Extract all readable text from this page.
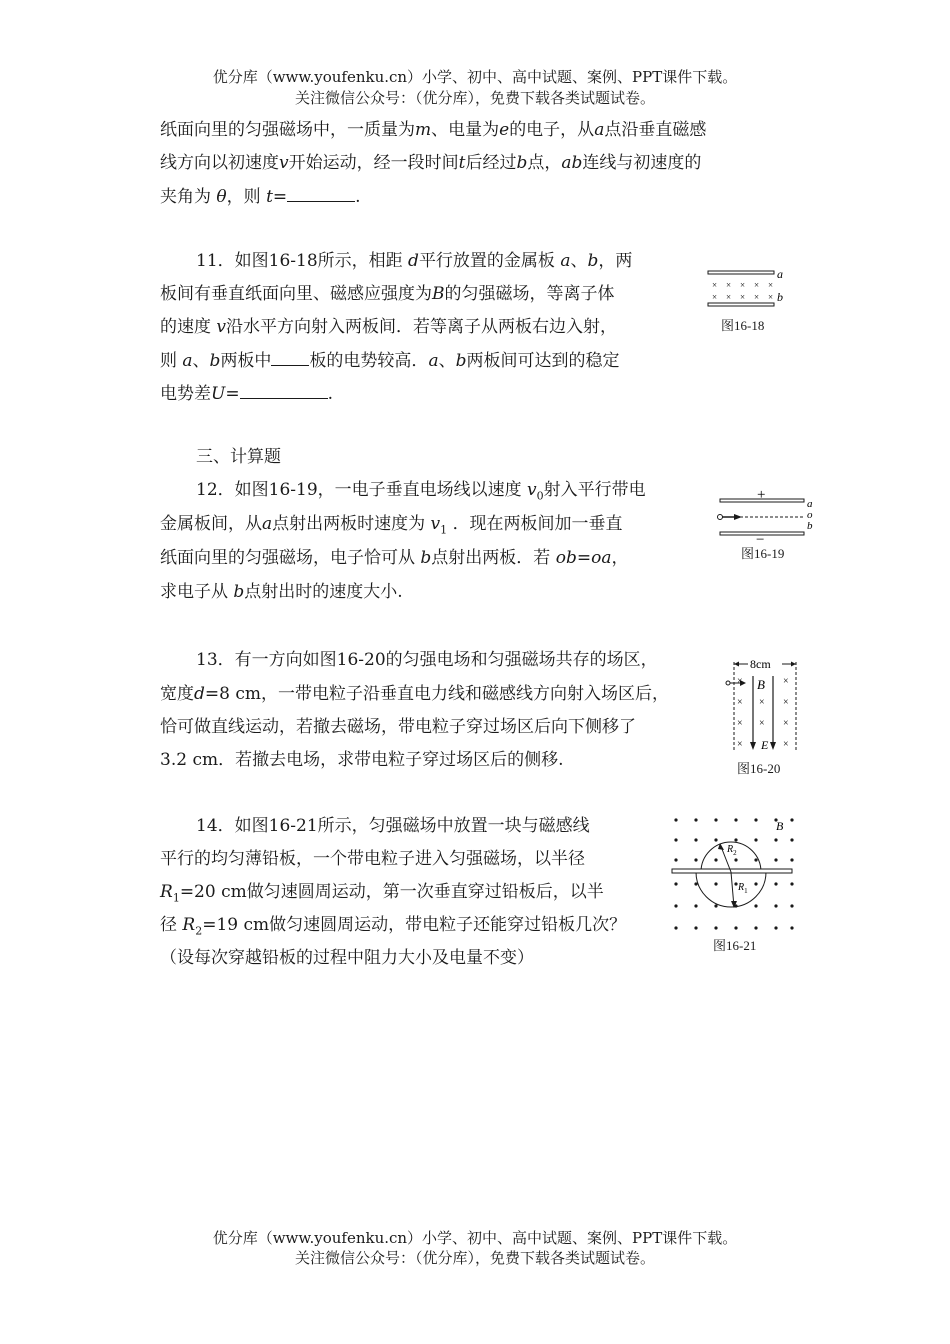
优分库（www.youfenku.cn）小学、初中、高中试题、案例、PPT课件下载。
关注微信公众号：（优分库），免费下载各类试题试卷。
纸面向里的匀强磁场中，一质量为m、电量为e的电子，从a点沿垂直磁感
线方向以初速度v开始运动，经一段时间t后经过b点，ab连线与初速度的
夹角为 θ，则 t=	.
11．如图16-18所示，相距 d平行放置的金属板 a、b，两
板间有垂直纸面向里、磁感应强度为B的匀强磁场，等离子体
的速度 v沿水平方向射入两板间．若等离子从两板右边入射，
则 a、b两板中 板的电势较高．a、b两板间可达到的稳定
电势差U=	.
a
b
× × × × ×
× × × × ×
图16-18
三、计算题
12．如图16-19，一电子垂直电场线以速度 $v_0$射入平行带电
金属板间，从a点射出两板时速度为 $v_1$ ．现在两板间加一垂直
纸面向里的匀强磁场，电子恰可从 b点射出两板．若 ob=oa，
求电子从 b点射出时的速度大小.
+
−
a
o
b
图16-19
13．有一方向如图16-20的匀强电场和匀强磁场共存的场区，
宽度d=8 cm，一带电粒子沿垂直电力线和磁感线方向射入场区后，
恰可做直线运动，若撤去磁场，带电粒子穿过场区后向下侧移了
3.2 cm．若撤去电场，求带电粒子穿过场区后的侧移.
8cm
B
E
×	×
× × ×
× × ×
×	×
图16-20
14．如图16-21所示，匀强磁场中放置一块与磁感线
平行的均匀薄铅板，一个带电粒子进入匀强磁场，以半径
$R_1=20$ cm做匀速圆周运动，第一次垂直穿过铅板后，以半
径 $R_2=19$ cm做匀速圆周运动，带电粒子还能穿过铅板几次？
（设每次穿越铅板的过程中阻力大小及电量不变）
$R_2$
$R_1$
B
图16-21
优分库（www.youfenku.cn）小学、初中、高中试题、案例、PPT课件下载。
关注微信公众号：（优分库），免费下载各类试题试卷。
